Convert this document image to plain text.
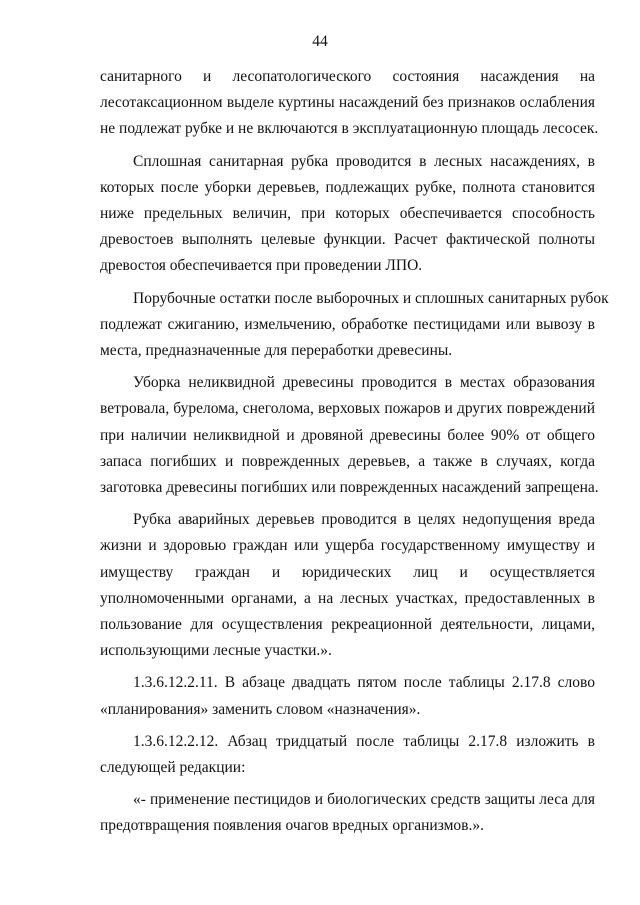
44
санитарного и лесопатологического состояния насаждения на
лесотаксационном выделе куртины насаждений без признаков ослабления
не подлежат рубке и не включаются в эксплуатационную площадь лесосек.
Сплошная санитарная рубка проводится в лесных насаждениях, в
которых после уборки деревьев, подлежащих рубке, полнота становится
ниже предельных величин, при которых обеспечивается способность
древостоев выполнять целевые функции. Расчет фактической полноты
древостоя обеспечивается при проведении ЛПО.
Порубочные остатки после выборочных и сплошных санитарных рубок
подлежат сжиганию, измельчению, обработке пестицидами или вывозу в
места, предназначенные для переработки древесины.
Уборка неликвидной древесины проводится в местах образования
ветровала, бурелома, снеголома, верховых пожаров и других повреждений
при наличии неликвидной и дровяной древесины более 90% от общего
запаса погибших и поврежденных деревьев, а также в случаях, когда
заготовка древесины погибших или поврежденных насаждений запрещена.
Рубка аварийных деревьев проводится в целях недопущения вреда
жизни и здоровью граждан или ущерба государственному имуществу и
имуществу граждан и юридических лиц и осуществляется
уполномоченными органами, а на лесных участках, предоставленных в
пользование для осуществления рекреационной деятельности, лицами,
использующими лесные участки.».
1.3.6.12.2.11. В абзаце двадцать пятом после таблицы 2.17.8 слово
«планирования» заменить словом «назначения».
1.3.6.12.2.12. Абзац тридцатый после таблицы 2.17.8 изложить в
следующей редакции:
«- применение пестицидов и биологических средств защиты леса для
предотвращения появления очагов вредных организмов.».
